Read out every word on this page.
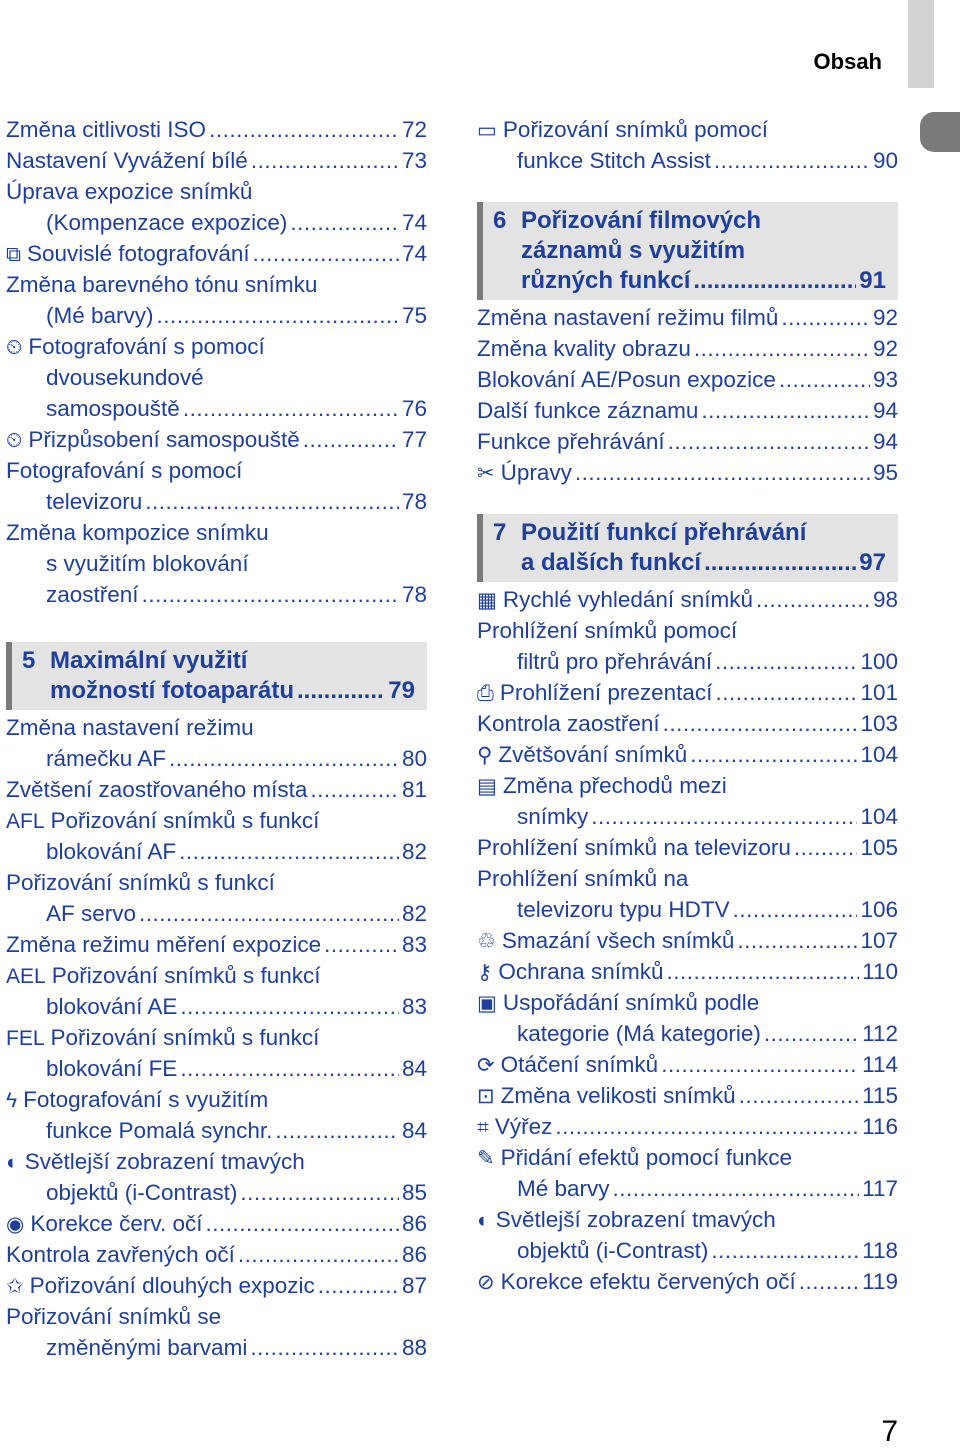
Obsah
Změna citlivosti ISO .....	72
Nastavení Vyvážení bílé .....	73
Úprava expozice snímků
(Kompenzace expozice) .....	74
⧉ Souvislé fotografování .....	74
Změna barevného tónu snímku
(Mé barvy) .....	75
⏲ Fotografování s pomocí
dvousekundové
samospouště .....	76
⏲ Přizpůsobení samospouště .....	77
Fotografování s pomocí
televizoru .....	78
Změna kompozice snímku
s využitím blokování
zaostření .....	78
5 Maximální využití
možností fotoaparátu .....	79
Změna nastavení režimu
rámečku AF .....	80
Zvětšení zaostřovaného místa .....	81
AFL Pořizování snímků s funkcí
blokování AF .....	82
Pořizování snímků s funkcí
AF servo .....	82
Změna režimu měření expozice .....	83
AEL Pořizování snímků s funkcí
blokování AE .....	83
FEL Pořizování snímků s funkcí
blokování FE .....	84
ϟ Fotografování s využitím
funkce Pomalá synchr. .....	84
◐ Světlejší zobrazení tmavých
objektů (i-Contrast) .....	85
◉ Korekce červ. očí .....	86
Kontrola zavřených očí .....	86
✩ Pořizování dlouhých expozic .....	87
Pořizování snímků se
změněnými barvami .....	88
▭ Pořizování snímků pomocí
funkce Stitch Assist .....	90
6 Pořizování filmových
záznamů s využitím
různých funkcí .....	91
Změna nastavení režimu filmů .....	92
Změna kvality obrazu .....	92
Blokování AE/Posun expozice .....	93
Další funkce záznamu .....	94
Funkce přehrávání .....	94
✂ Úpravy .....	95
7 Použití funkcí přehrávání
a dalších funkcí .....	97
▦ Rychlé vyhledání snímků .....	98
Prohlížení snímků pomocí
filtrů pro přehrávání .....	100
⎙ Prohlížení prezentací .....	101
Kontrola zaostření .....	103
⚲ Zvětšování snímků .....	104
▤ Změna přechodů mezi
snímky .....	104
Prohlížení snímků na televizoru .....	105
Prohlížení snímků na
televizoru typu HDTV .....	106
♲ Smazání všech snímků .....	107
⚷ Ochrana snímků .....	110
▣ Uspořádání snímků podle
kategorie (Má kategorie) .....	112
⟳ Otáčení snímků .....	114
⊡ Změna velikosti snímků .....	115
⌗ Výřez .....	116
✎ Přidání efektů pomocí funkce
Mé barvy .....	117
◐ Světlejší zobrazení tmavých
objektů (i-Contrast) .....	118
⊘ Korekce efektu červených očí .....	119
7
